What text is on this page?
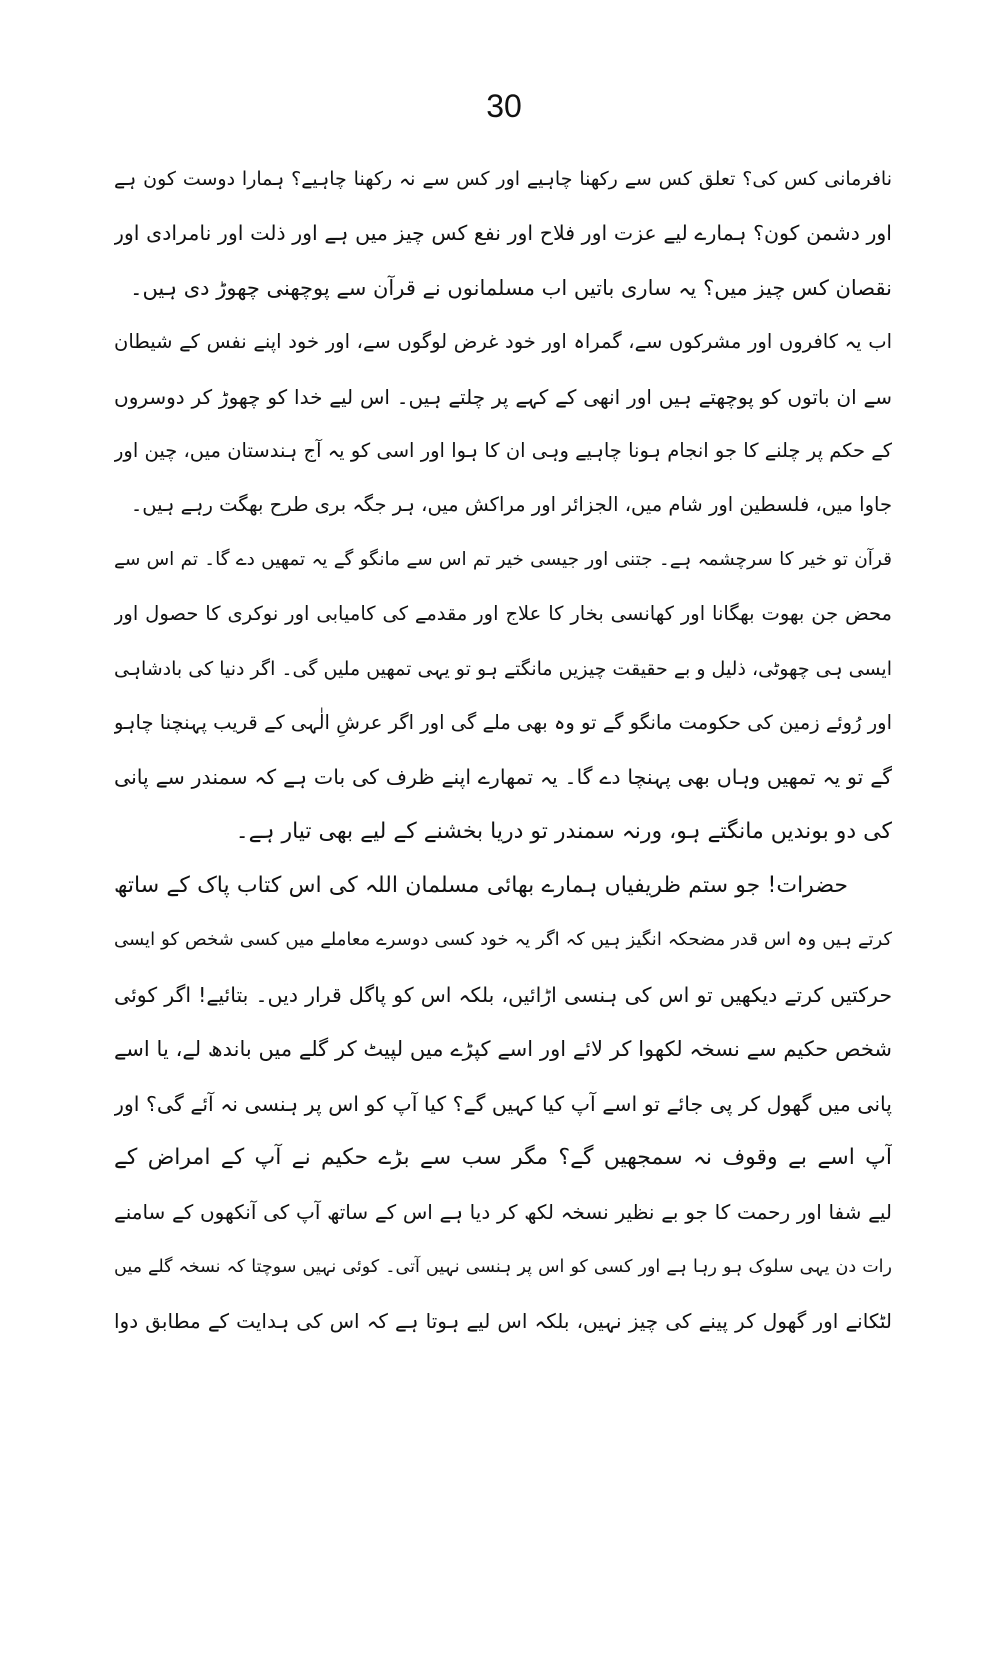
30
نافرمانی کس کی؟ تعلق کس سے رکھنا چاہیے اور کس سے نہ رکھنا چاہیے؟ ہمارا دوست کون ہے
اور دشمن کون؟ ہمارے لیے عزت اور فلاح اور نفع کس چیز میں ہے اور ذلت اور نامرادی اور
نقصان کس چیز میں؟ یہ ساری باتیں اب مسلمانوں نے قرآن سے پوچھنی چھوڑ دی ہیں۔
اب یہ کافروں اور مشرکوں سے، گمراہ اور خود غرض لوگوں سے، اور خود اپنے نفس کے شیطان
سے ان باتوں کو پوچھتے ہیں اور انھی کے کہے پر چلتے ہیں۔ اس لیے خدا کو چھوڑ کر دوسروں
کے حکم پر چلنے کا جو انجام ہونا چاہیے وہی ان کا ہوا اور اسی کو یہ آج ہندستان میں، چین اور
جاوا میں، فلسطین اور شام میں، الجزائر اور مراکش میں، ہر جگہ بری طرح بھگت رہے ہیں۔
قرآن تو خیر کا سرچشمہ ہے۔ جتنی اور جیسی خیر تم اس سے مانگو گے یہ تمھیں دے گا۔ تم اس سے
محض جن بھوت بھگانا اور کھانسی بخار کا علاج اور مقدمے کی کامیابی اور نوکری کا حصول اور
ایسی ہی چھوٹی، ذلیل و بے حقیقت چیزیں مانگتے ہو تو یہی تمھیں ملیں گی۔ اگر دنیا کی بادشاہی
اور رُوئے زمین کی حکومت مانگو گے تو وہ بھی ملے گی اور اگر عرشِ الٰہی کے قریب پہنچنا چاہو
گے تو یہ تمھیں وہاں بھی پہنچا دے گا۔ یہ تمھارے اپنے ظرف کی بات ہے کہ سمندر سے پانی
کی دو بوندیں مانگتے ہو، ورنہ سمندر تو دریا بخشنے کے لیے بھی تیار ہے۔
حضرات! جو ستم ظریفیاں ہمارے بھائی مسلمان اللہ کی اس کتاب پاک کے ساتھ
کرتے ہیں وہ اس قدر مضحکہ انگیز ہیں کہ اگر یہ خود کسی دوسرے معاملے میں کسی شخص کو ایسی
حرکتیں کرتے دیکھیں تو اس کی ہنسی اڑائیں، بلکہ اس کو پاگل قرار دیں۔ بتائیے! اگر کوئی
شخص حکیم سے نسخہ لکھوا کر لائے اور اسے کپڑے میں لپیٹ کر گلے میں باندھ لے، یا اسے
پانی میں گھول کر پی جائے تو اسے آپ کیا کہیں گے؟ کیا آپ کو اس پر ہنسی نہ آئے گی؟ اور
آپ اسے بے وقوف نہ سمجھیں گے؟ مگر سب سے بڑے حکیم نے آپ کے امراض کے
لیے شفا اور رحمت کا جو بے نظیر نسخہ لکھ کر دیا ہے اس کے ساتھ آپ کی آنکھوں کے سامنے
رات دن یہی سلوک ہو رہا ہے اور کسی کو اس پر ہنسی نہیں آتی۔ کوئی نہیں سوچتا کہ نسخہ گلے میں
لٹکانے اور گھول کر پینے کی چیز نہیں، بلکہ اس لیے ہوتا ہے کہ اس کی ہدایت کے مطابق دوا
